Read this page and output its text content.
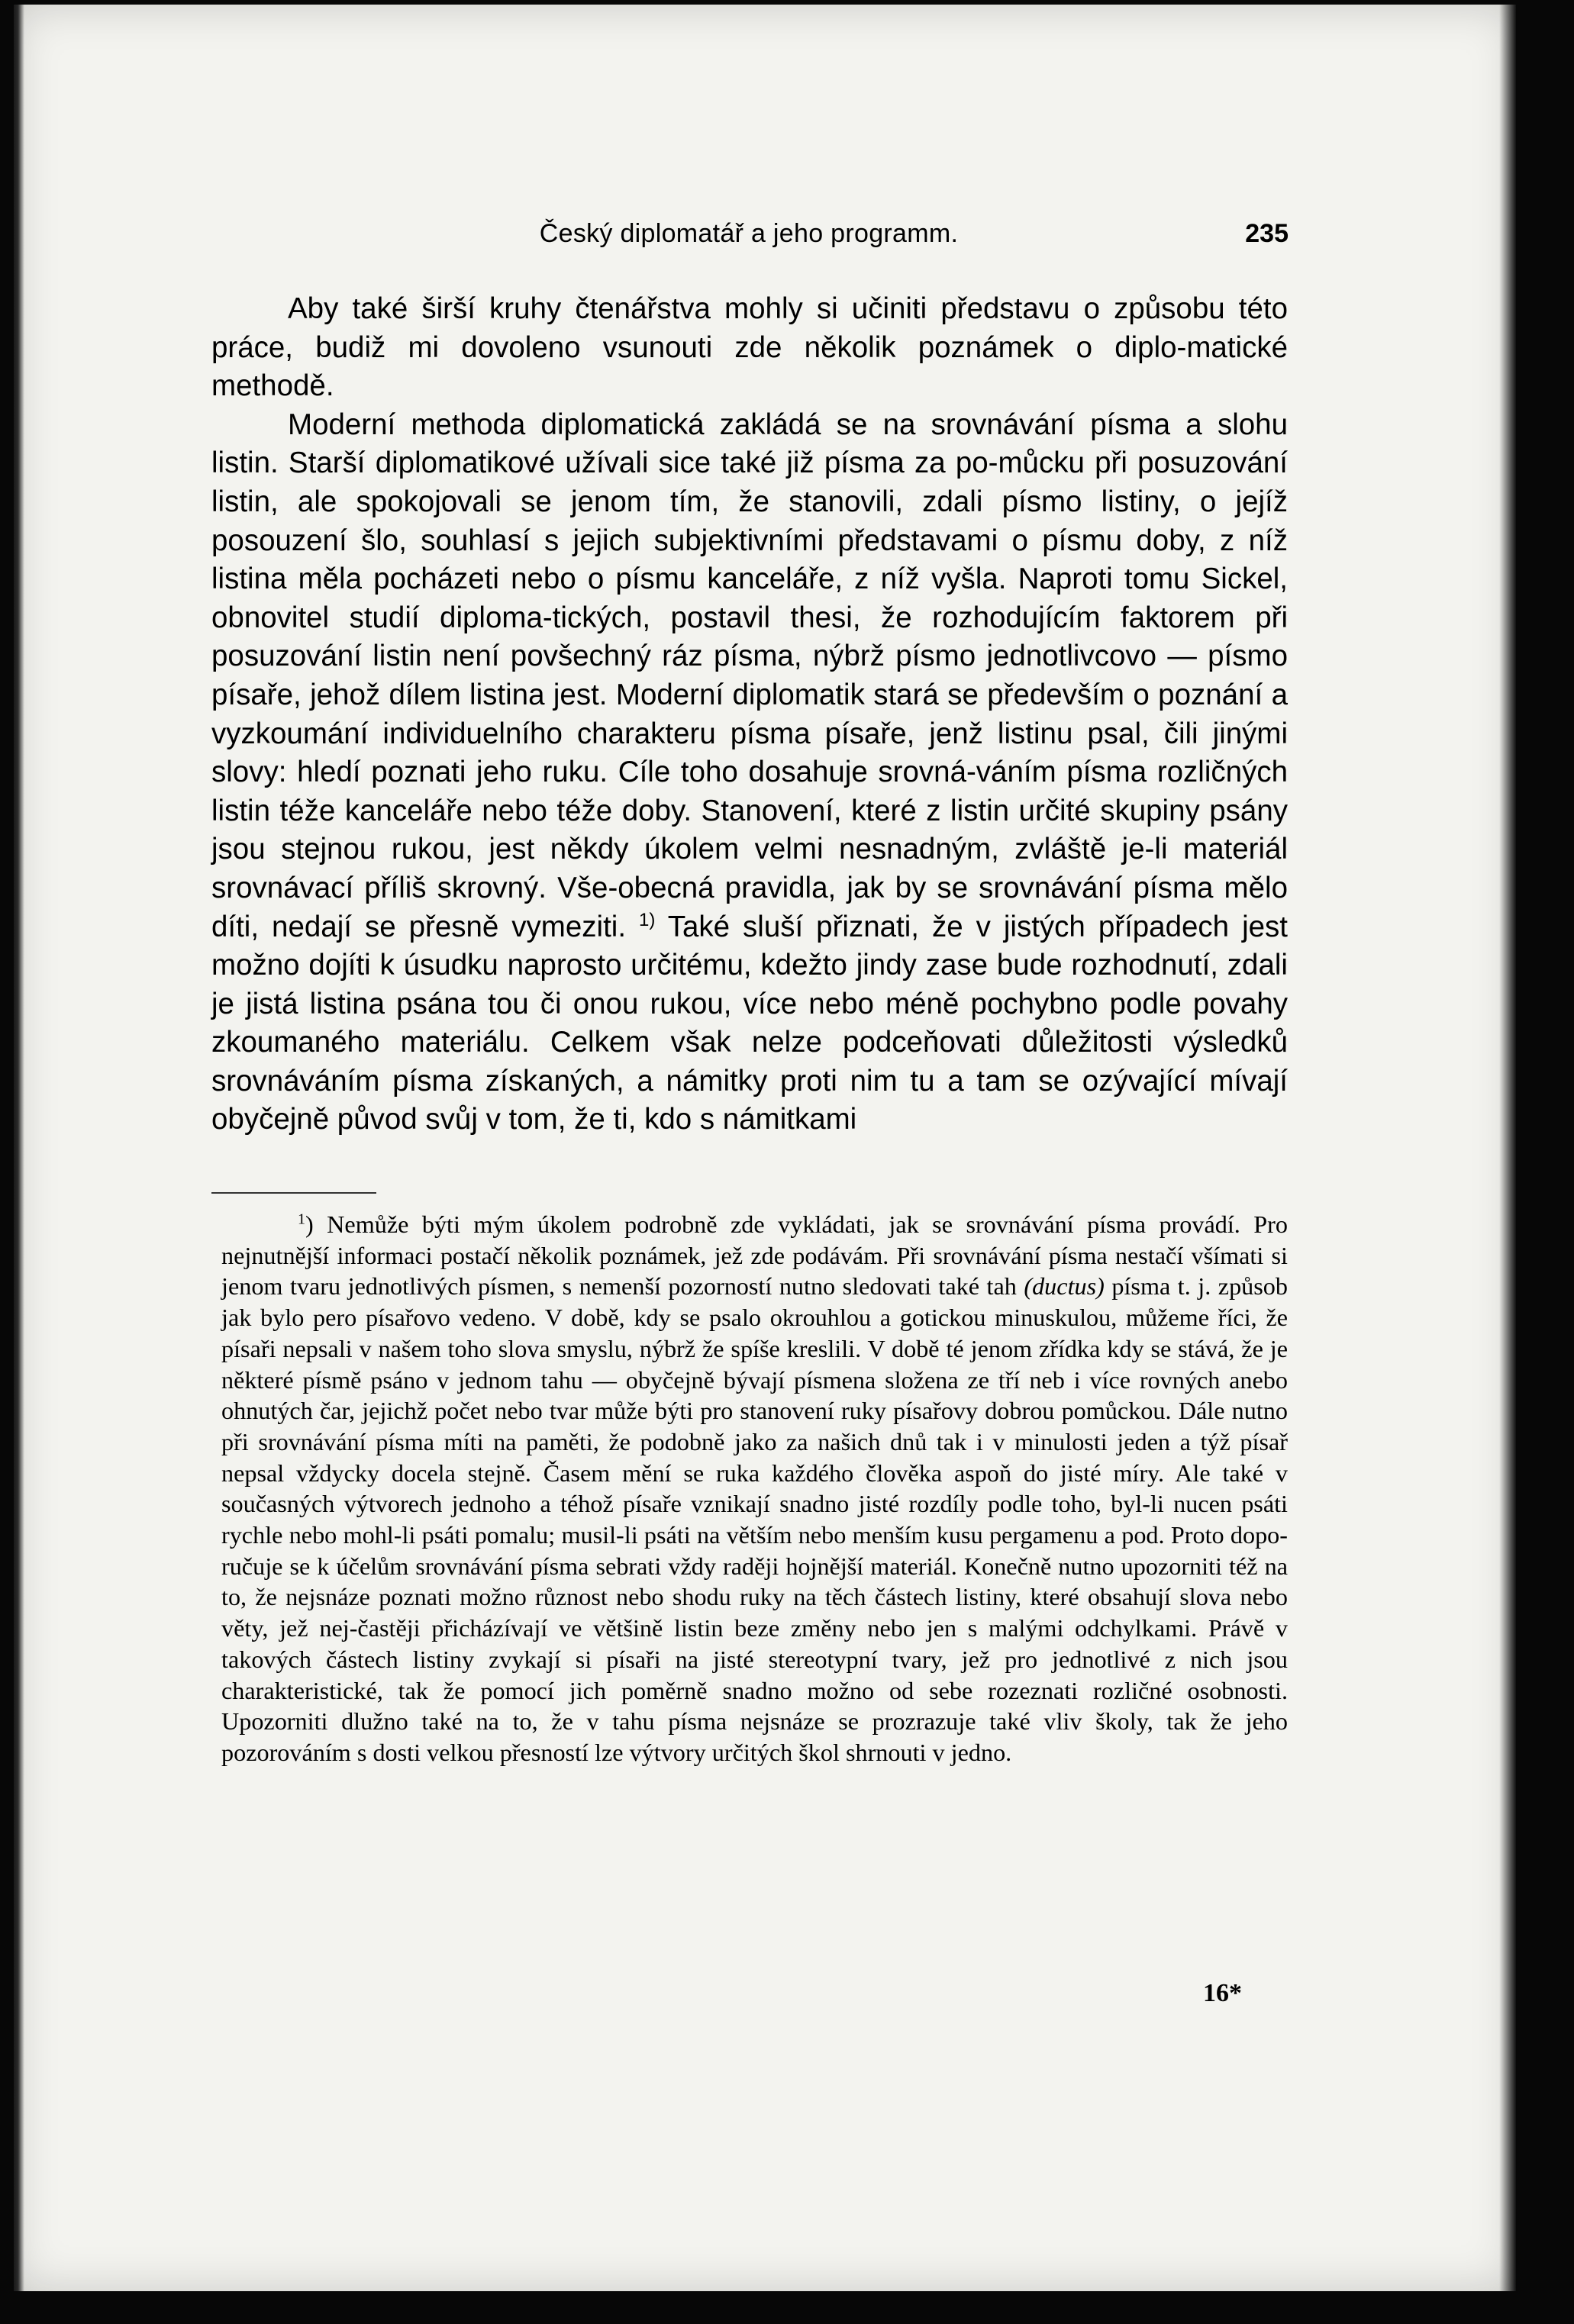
Český diplomatář a jeho programm.	235

Aby také širší kruhy čtenářstva mohly si učiniti představu o způsobu této práce, budiž mi dovoleno vsunouti zde několik poznámek o diplo-matické methodě.

Moderní methoda diplomatická zakládá se na srovnávání písma a slohu listin. Starší diplomatikové užívali sice také již písma za po-můcku při posuzování listin, ale spokojovali se jenom tím, že stanovili, zdali písmo listiny, o jejíž posouzení šlo, souhlasí s jejich subjektivními představami o písmu doby, z níž listina měla pocházeti nebo o písmu kanceláře, z níž vyšla. Naproti tomu Sickel, obnovitel studií diploma-tických, postavil thesi, že rozhodujícím faktorem při posuzování listin není povšechný ráz písma, nýbrž písmo jednotlivcovo — písmo písaře, jehož dílem listina jest. Moderní diplomatik stará se především o poznání a vyzkoumání individuelního charakteru písma písaře, jenž listinu psal, čili jinými slovy: hledí poznati jeho ruku. Cíle toho dosahuje srovná-váním písma rozličných listin téže kanceláře nebo téže doby. Stanovení, které z listin určité skupiny psány jsou stejnou rukou, jest někdy úkolem velmi nesnadným, zvláště je-li materiál srovnávací příliš skrovný. Vše-obecná pravidla, jak by se srovnávání písma mělo díti, nedají se přesně vymeziti. $^{1)}$ Také sluší přiznati, že v jistých případech jest možno dojíti k úsudku naprosto určitému, kdežto jindy zase bude rozhodnutí, zdali je jistá listina psána tou či onou rukou, více nebo méně pochybno podle povahy zkoumaného materiálu. Celkem však nelze podceňovati důležitosti výsledků srovnáváním písma získaných, a námitky proti nim tu a tam se ozývající mívají obyčejně původ svůj v tom, že ti, kdo s námitkami

$^1$) Nemůže býti mým úkolem podrobně zde vykládati, jak se srovnávání písma provádí. Pro nejnutnější informaci postačí několik poznámek, jež zde podávám. Při srovnávání písma nestačí všímati si jenom tvaru jednotlivých písmen, s nemenší pozorností nutno sledovati také tah (ductus) písma t. j. způsob jak bylo pero písařovo vedeno. V době, kdy se psalo okrouhlou a gotickou minuskulou, můžeme říci, že písaři nepsali v našem toho slova smyslu, nýbrž že spíše kreslili. V době té jenom zřídka kdy se stává, že je některé písmě psáno v jednom tahu — obyčejně bývají písmena složena ze tří neb i více rovných anebo ohnutých čar, jejichž počet nebo tvar může býti pro stanovení ruky písařovy dobrou pomůckou. Dále nutno při srovnávání písma míti na paměti, že podobně jako za našich dnů tak i v minulosti jeden a týž písař nepsal vždycky docela stejně. Časem mění se ruka každého člověka aspoň do jisté míry. Ale také v současných výtvorech jednoho a téhož písaře vznikají snadno jisté rozdíly podle toho, byl-li nucen psáti rychle nebo mohl-li psáti pomalu; musil-li psáti na větším nebo menším kusu pergamenu a pod. Proto dopo-ručuje se k účelům srovnávání písma sebrati vždy raději hojnější materiál. Konečně nutno upozorniti též na to, že nejsnáze poznati možno různost nebo shodu ruky na těch částech listiny, které obsahují slova nebo věty, jež nej-častěji přicházívají ve většině listin beze změny nebo jen s malými odchylkami. Právě v takových částech listiny zvykají si písaři na jisté stereotypní tvary, jež pro jednotlivé z nich jsou charakteristické, tak že pomocí jich poměrně snadno možno od sebe rozeznati rozličné osobnosti. Upozorniti dlužno také na to, že v tahu písma nejsnáze se prozrazuje také vliv školy, tak že jeho pozorováním s dosti velkou přesností lze výtvory určitých škol shrnouti v jedno.

16*
